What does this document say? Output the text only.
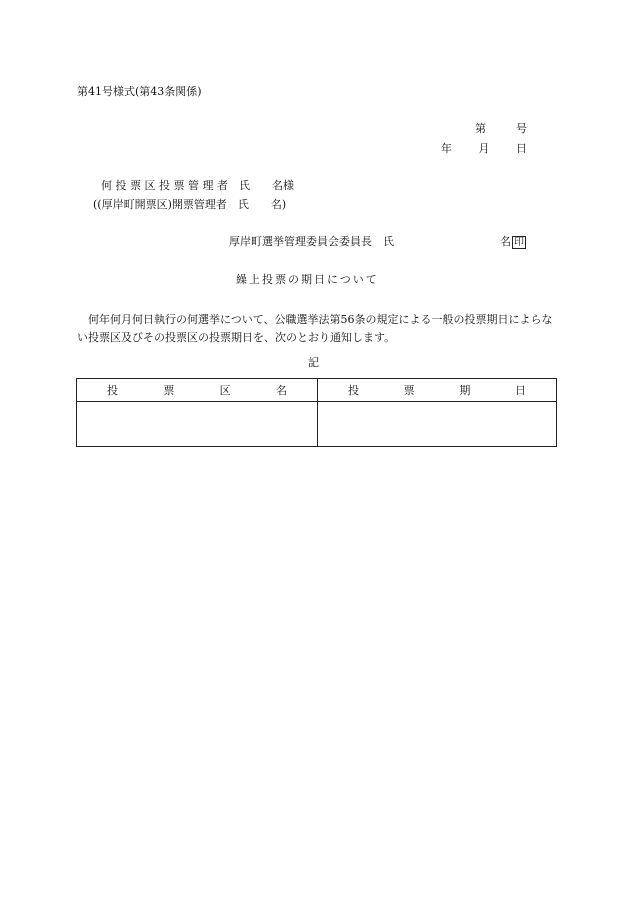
第41号様式(第43条関係)
第	号
年 月 日
何 投 票 区 投 票 管 理 者　氏　　名様
((厚岸町開票区)開票管理者　氏　　名)
厚岸町選挙管理委員会委員長　氏	名 印
繰上投票の期日について
何年何月何日執行の何選挙について、公職選挙法第56条の規定による一般の投票期日によらない投票区及びその投票区の投票期日を、次のとおり通知します。
記
投 票 区 名	投 票 期 日
